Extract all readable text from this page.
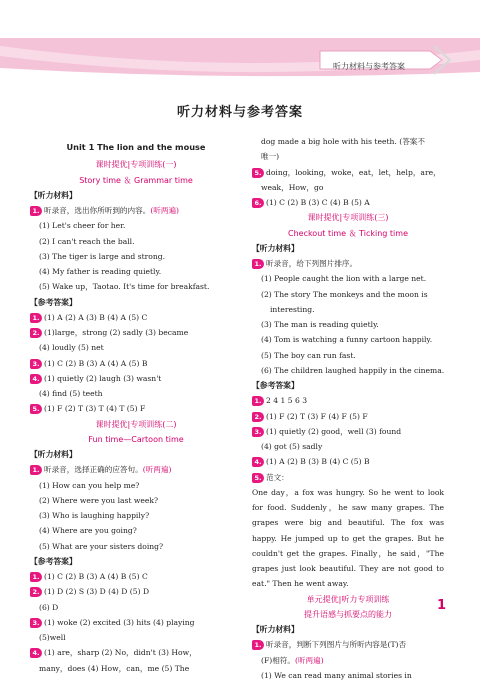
听力材料与参考答案
听力材料与参考答案
Unit 1 The lion and the mouse
课时提优|专项训练(一)
Story time ＆ Grammar time
【听力材料】
1. 听录音，选出你所听到的内容。(听两遍)
(1) Let's cheer for her.
(2) I can't reach the ball.
(3) The tiger is large and strong.
(4) My father is reading quietly.
(5) Wake up，Taotao. It's time for breakfast.
【参考答案】
1. (1) A (2) A (3) B (4) A (5) C
2. (1)large，strong (2) sadly (3) became
(4) loudly (5) net
3. (1) C (2) B (3) A (4) A (5) B
4. (1) quietly (2) laugh (3) wasn't
(4) find (5) teeth
5. (1) F (2) T (3) T (4) T (5) F
课时提优|专项训练(二)
Fun time—Cartoon time
【听力材料】
1. 听录音，选择正确的应答句。(听两遍)
(1) How can you help me?
(2) Where were you last week?
(3) Who is laughing happily?
(4) Where are you going?
(5) What are your sisters doing?
【参考答案】
1. (1) C (2) B (3) A (4) B (5) C
2. (1) D (2) S (3) D (4) D (5) D
(6) D
3. (1) woke (2) excited (3) hits (4) playing
(5)well
4. (1) are，sharp (2) No，didn't (3) How，
many，does (4) How，can，me (5) The
dog made a big hole with his teeth. (答案不
唯一)
5. doing，looking，woke，eat，let，help，are，
weak，How，go
6. (1) C (2) B (3) C (4) B (5) A
课时提优|专项训练(三)
Checkout time ＆ Ticking time
【听力材料】
1. 听录音，给下列图片排序。
(1) People caught the lion with a large net.
(2) The story The monkeys and the moon is
interesting.
(3) The man is reading quietly.
(4) Tom is watching a funny cartoon happily.
(5) The boy can run fast.
(6) The children laughed happily in the cinema.
【参考答案】
1. 2 4 1 5 6 3
2. (1) F (2) T (3) F (4) F (5) F
3. (1) quietly (2) good，well (3) found
(4) got (5) sadly
4. (1) A (2) B (3) B (4) C (5) B
5. 范文：
One day，a fox was hungry. So he went to look for food. Suddenly，he saw many grapes. The grapes were big and beautiful. The fox was happy. He jumped up to get the grapes. But he couldn't get the grapes. Finally，he said，"The grapes just look beautiful. They are not good to eat." Then he went away.
单元提优|听力专项训练
提升语感与抓要点的能力
【听力材料】
1. 听录音，判断下列图片与所听内容是(T)否
(F)相符。(听两遍)
(1) We can read many animal stories in
1
